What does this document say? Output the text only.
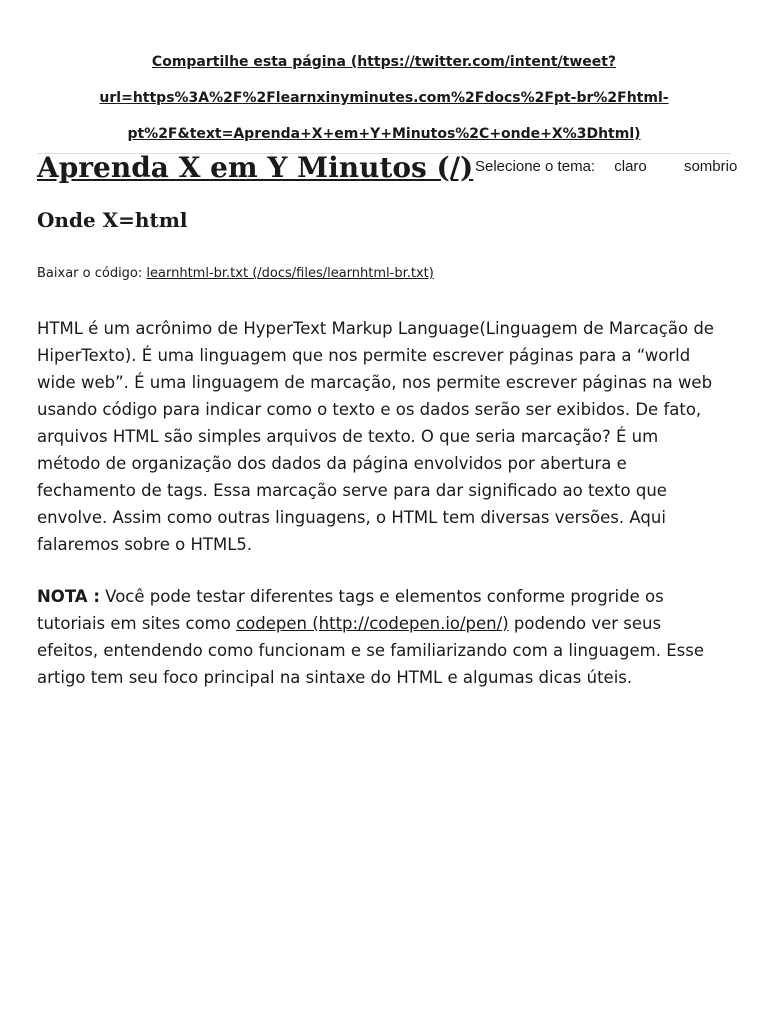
Compartilhe esta página (https://twitter.com/intent/tweet?
url=https%3A%2F%2Flearnxinyminutes.com%2Fdocs%2Fpt-br%2Fhtml-
pt%2F&text=Aprenda+X+em+Y+Minutos%2C+onde+X%3Dhtml)
Aprenda X em Y Minutos (/) Selecione o tema: claro sombrio
Onde X=html
Baixar o código: learnhtml-br.txt (/docs/files/learnhtml-br.txt)

HTML é um acrônimo de HyperText Markup Language(Linguagem de Marcação de
HiperTexto). É uma linguagem que nos permite escrever páginas para a “world
wide web”. É uma linguagem de marcação, nos permite escrever páginas na web
usando código para indicar como o texto e os dados serão ser exibidos. De fato,
arquivos HTML são simples arquivos de texto. O que seria marcação? É um
método de organização dos dados da página envolvidos por abertura e
fechamento de tags. Essa marcação serve para dar significado ao texto que
envolve. Assim como outras linguagens, o HTML tem diversas versões. Aqui
falaremos sobre o HTML5.

NOTA : Você pode testar diferentes tags e elementos conforme progride os
tutoriais em sites como codepen (http://codepen.io/pen/) podendo ver seus
efeitos, entendendo como funcionam e se familiarizando com a linguagem. Esse
artigo tem seu foco principal na sintaxe do HTML e algumas dicas úteis.
